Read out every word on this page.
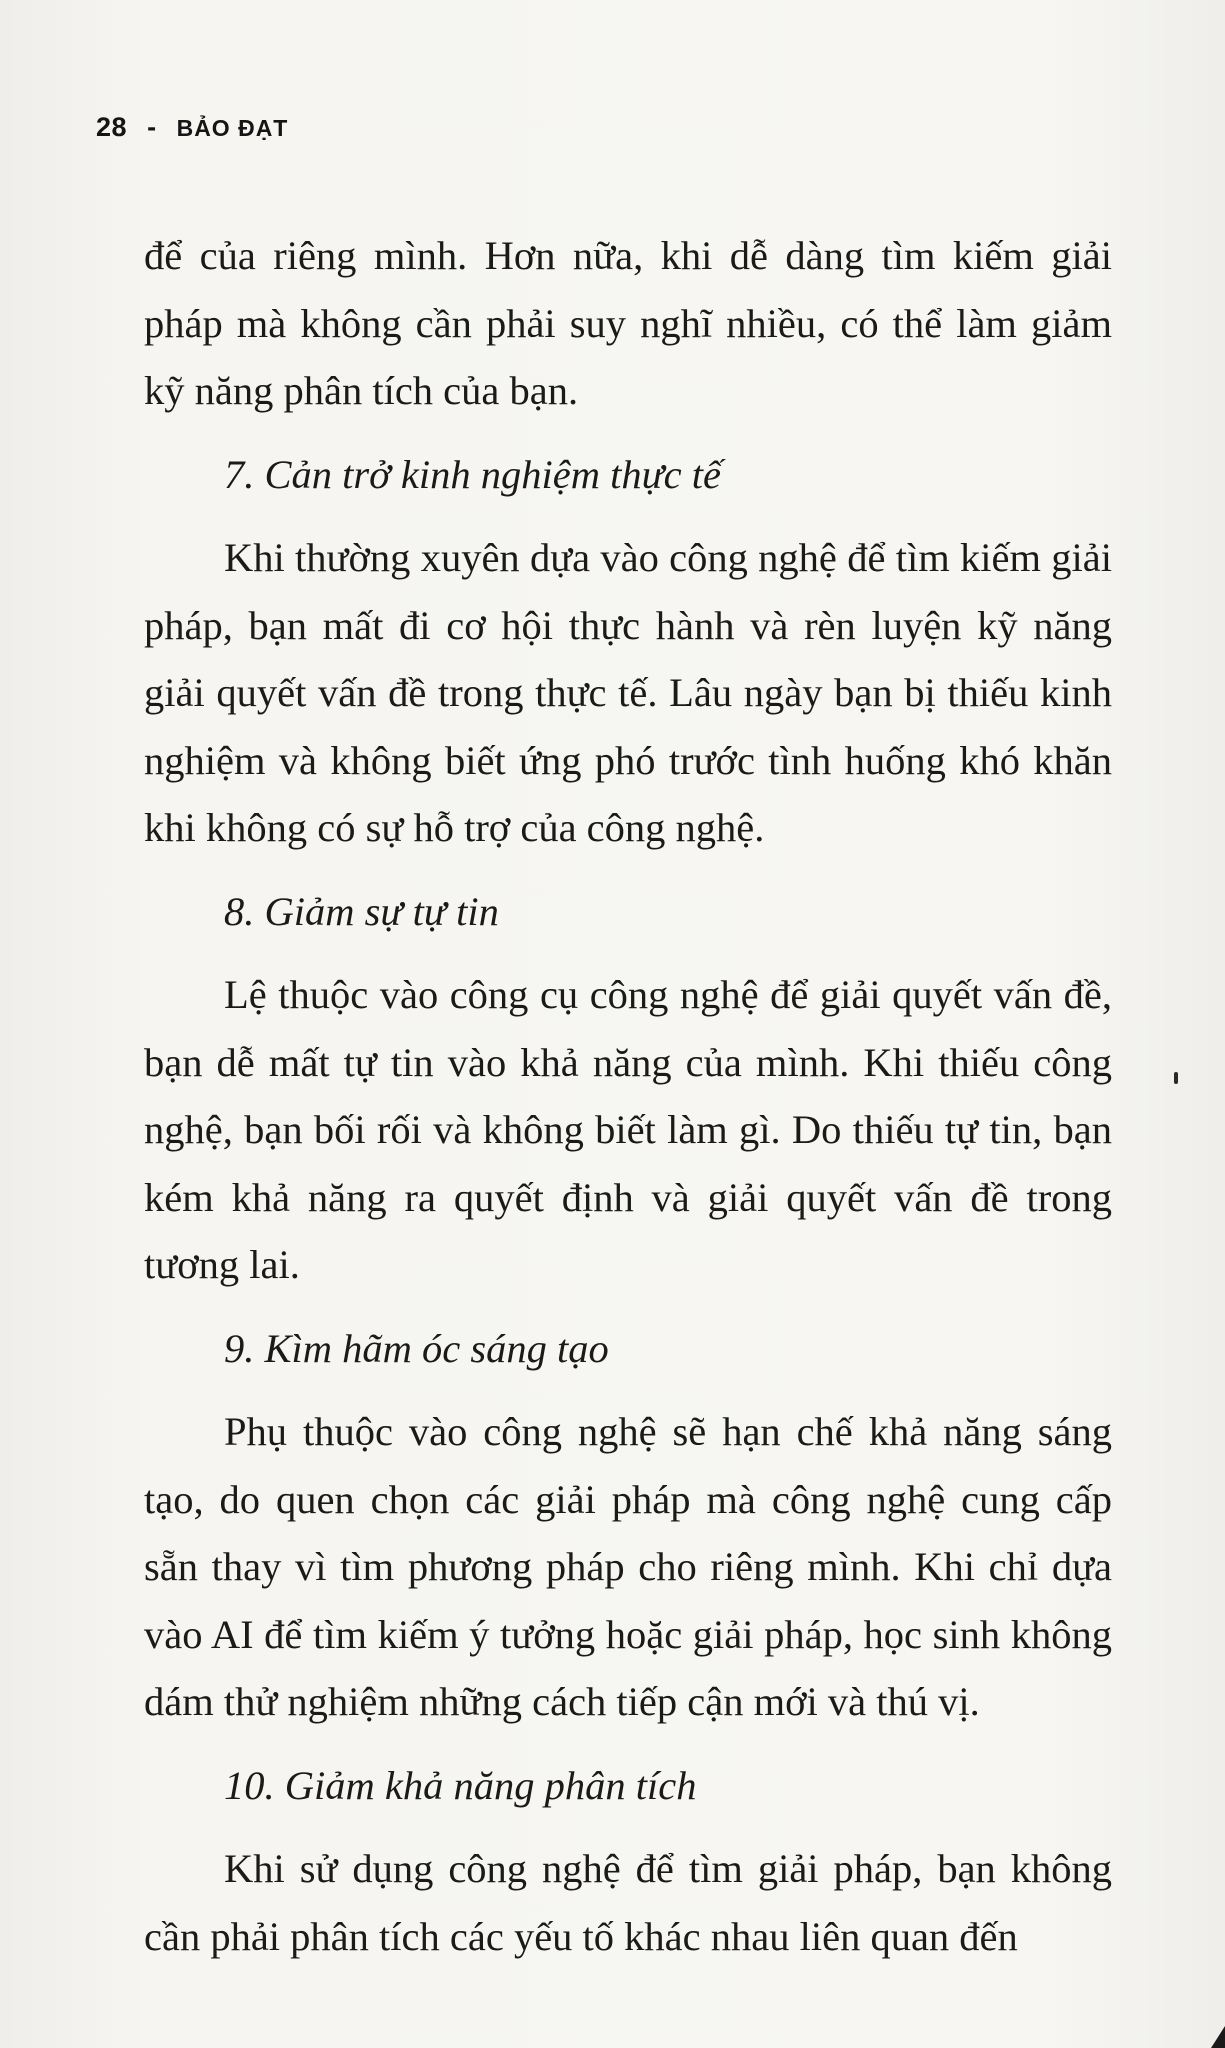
28 - BẢO ĐẠT

để của riêng mình. Hơn nữa, khi dễ dàng tìm kiếm giải pháp mà không cần phải suy nghĩ nhiều, có thể làm giảm kỹ năng phân tích của bạn.

7. Cản trở kinh nghiệm thực tế

Khi thường xuyên dựa vào công nghệ để tìm kiếm giải pháp, bạn mất đi cơ hội thực hành và rèn luyện kỹ năng giải quyết vấn đề trong thực tế. Lâu ngày bạn bị thiếu kinh nghiệm và không biết ứng phó trước tình huống khó khăn khi không có sự hỗ trợ của công nghệ.

8. Giảm sự tự tin

Lệ thuộc vào công cụ công nghệ để giải quyết vấn đề, bạn dễ mất tự tin vào khả năng của mình. Khi thiếu công nghệ, bạn bối rối và không biết làm gì. Do thiếu tự tin, bạn kém khả năng ra quyết định và giải quyết vấn đề trong tương lai.

9. Kìm hãm óc sáng tạo

Phụ thuộc vào công nghệ sẽ hạn chế khả năng sáng tạo, do quen chọn các giải pháp mà công nghệ cung cấp sẵn thay vì tìm phương pháp cho riêng mình. Khi chỉ dựa vào AI để tìm kiếm ý tưởng hoặc giải pháp, học sinh không dám thử nghiệm những cách tiếp cận mới và thú vị.

10. Giảm khả năng phân tích

Khi sử dụng công nghệ để tìm giải pháp, bạn không cần phải phân tích các yếu tố khác nhau liên quan đến
